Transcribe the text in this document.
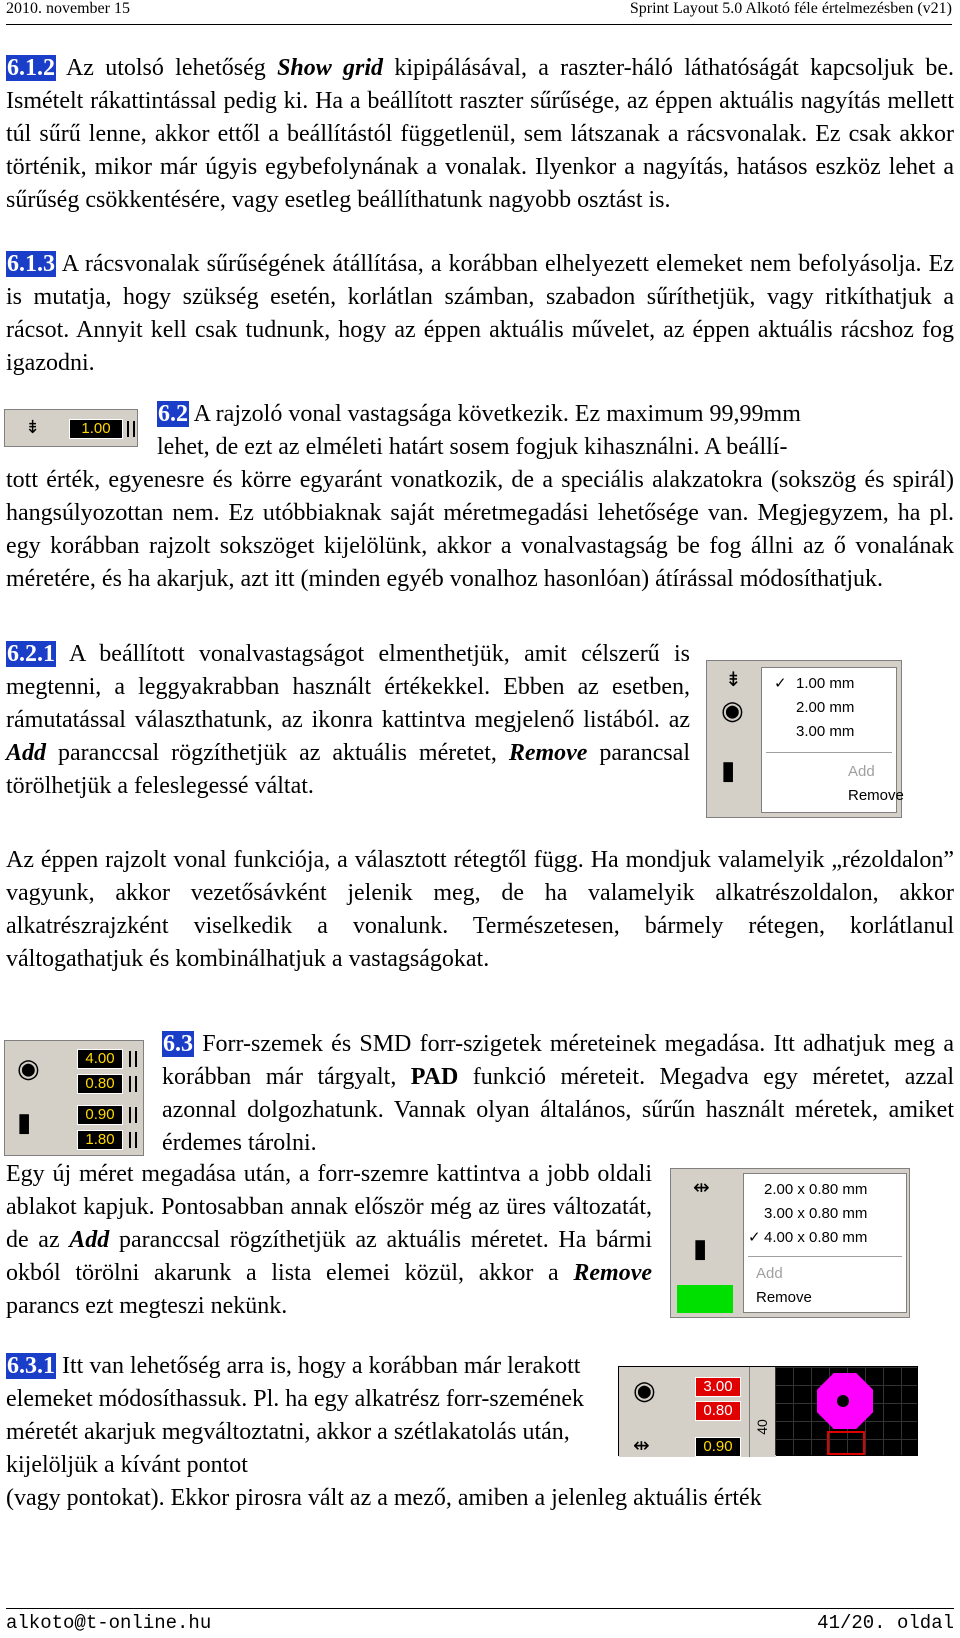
2010. november 15	Sprint Layout 5.0 Alkotó féle értelmezésben (v21)

6.1.2 Az utolsó lehetőség Show grid kipipálásával, a raszter-háló láthatóságát kapcsoljuk be. Ismételt rákattintással pedig ki. Ha a beállított raszter sűrűsége, az éppen aktuális nagyítás mellett túl sűrű lenne, akkor ettől a beállítástól függetlenül, sem látszanak a rácsvonalak. Ez csak akkor történik, mikor már úgyis egybefolynának a vonalak. Ilyenkor a nagyítás, hatásos eszköz lehet a sűrűség csökkentésére, vagy esetleg beállíthatunk nagyobb osztást is.

6.1.3 A rácsvonalak sűrűségének átállítása, a korábban elhelyezett elemeket nem befolyásolja. Ez is mutatja, hogy szükség esetén, korlátlan számban, szabadon sűríthetjük, vagy ritkíthatjuk a rácsot. Annyit kell csak tudnunk, hogy az éppen aktuális művelet, az éppen aktuális rácshoz fog igazodni.

⇟	1.00

6.2 A rajzoló vonal vastagsága következik. Ez maximum 99,99mm
lehet, de ezt az elméleti határt sosem fogjuk kihasználni. A beállí-

tott érték, egyenesre és körre egyaránt vonatkozik, de a speciális alakzatokra (sokszög és spirál) hangsúlyozottan nem. Ez utóbbiaknak saját méretmegadási lehetősége van. Megjegyzem, ha pl. egy korábban rajzolt sokszöget kijelölünk, akkor a vonalvastagság be fog állni az ő vonalának méretére, és ha akarjuk, azt itt (minden egyéb vonalhoz hasonlóan) átírással módosíthatjuk.

6.2.1 A beállított vonalvastagságot elmenthetjük, amit célszerű is megtenni, a leggyakrabban használt értékekkel. Ebben az esetben, rámutatással választhatunk, az ikonra kattintva megjelenő listából. az Add paranccsal rögzíthetjük az aktuális méretet, Remove parancsal törölhetjük a feleslegessé váltat.

⇟
◉
▮
✓ 1.00 mm
2.00 mm
3.00 mm
Add
Remove

Az éppen rajzolt vonal funkciója, a választott rétegtől függ. Ha mondjuk valamelyik „rézoldalon” vagyunk, akkor vezetősávként jelenik meg, de ha valamelyik alkatrészoldalon, akkor alkatrészrajzként viselkedik a vonalunk. Természetesen, bármely rétegen, korlátlanul váltogathatjuk és kombinálhatjuk a vastagságokat.

◉
▮
4.00
0.80
0.90
1.80

6.3 Forr-szemek és SMD forr-szigetek méreteinek megadása. Itt adhatjuk meg a korábban már tárgyalt, PAD funkció méreteit. Megadva egy méretet, azzal azonnal dolgozhatunk. Vannak olyan általános, sűrűn használt méretek, amiket érdemes tárolni.

Egy új méret megadása után, a forr-szemre kattintva a jobb oldali ablakot kapjuk. Pontosabban annak először még az üres változatát, de az Add paranccsal rögzíthetjük az aktuális méretet. Ha bármi okból törölni akarunk a lista elemei közül, akkor a Remove parancs ezt megteszi nekünk.

⇹
▮
2.00 x 0.80 mm
3.00 x 0.80 mm
✓ 4.00 x 0.80 mm
Add
Remove

6.3.1 Itt van lehetőség arra is, hogy a korábban már lerakott elemeket módosíthassuk. Pl. ha egy alkatrész forr-szemének méretét akarjuk megváltoztatni, akkor a szétlakatolás után, kijelöljük a kívánt pontot

(vagy pontokat). Ekkor pirosra vált az a mező, amiben a jelenleg aktuális érték

◉
⇹
3.00
0.80
0.90
40
alkoto@t-online.hu	41/20. oldal
